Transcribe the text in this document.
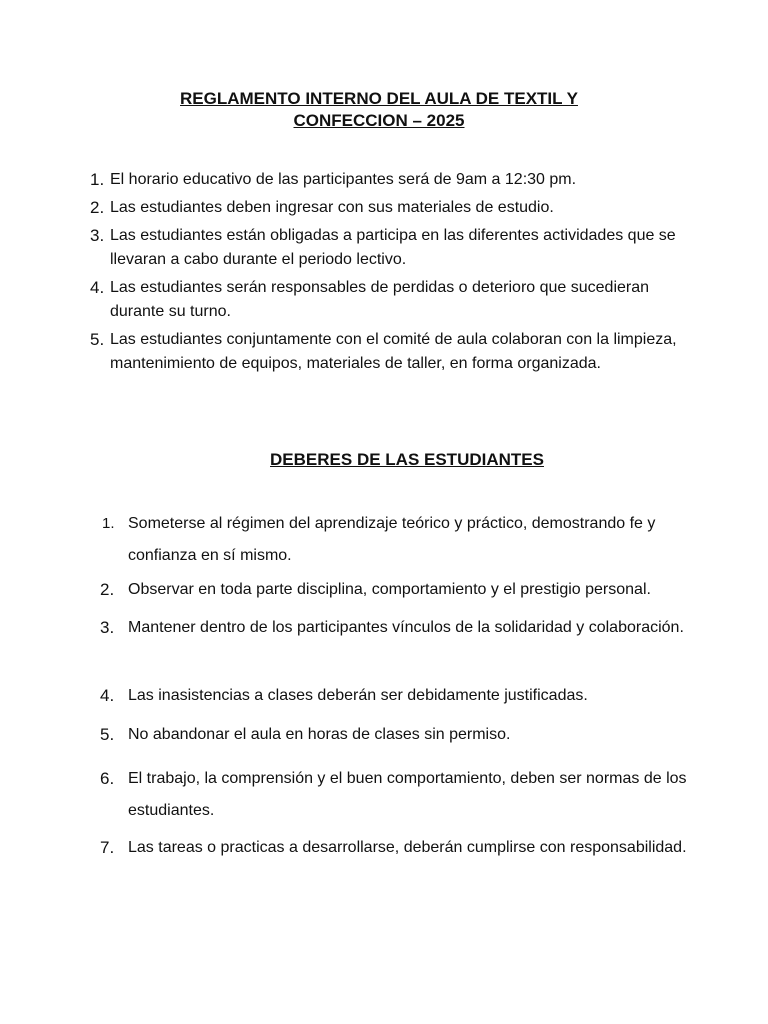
REGLAMENTO INTERNO DEL AULA DE TEXTIL Y

CONFECCION – 2025

1. El horario educativo de las participantes será de 9am a 12:30 pm.
2. Las estudiantes deben ingresar con sus materiales de estudio.
3. Las estudiantes están obligadas a participa en las diferentes actividades que se llevaran a cabo durante el periodo lectivo.
4. Las estudiantes serán responsables de perdidas o deterioro que sucedieran durante su turno.
5. Las estudiantes conjuntamente con el comité de aula colaboran con la limpieza, mantenimiento de equipos, materiales de taller, en forma organizada.

DEBERES DE LAS ESTUDIANTES

1. Someterse al régimen del aprendizaje teórico y práctico, demostrando fe y confianza en sí mismo.
2. Observar en toda parte disciplina, comportamiento y el prestigio personal.
3. Mantener dentro de los participantes vínculos de la solidaridad y colaboración.
4. Las inasistencias a clases deberán ser debidamente justificadas.
5. No abandonar el aula en horas de clases sin permiso.
6. El trabajo, la comprensión y el buen comportamiento, deben ser normas de los estudiantes.
7. Las tareas o practicas a desarrollarse, deberán cumplirse con responsabilidad.
